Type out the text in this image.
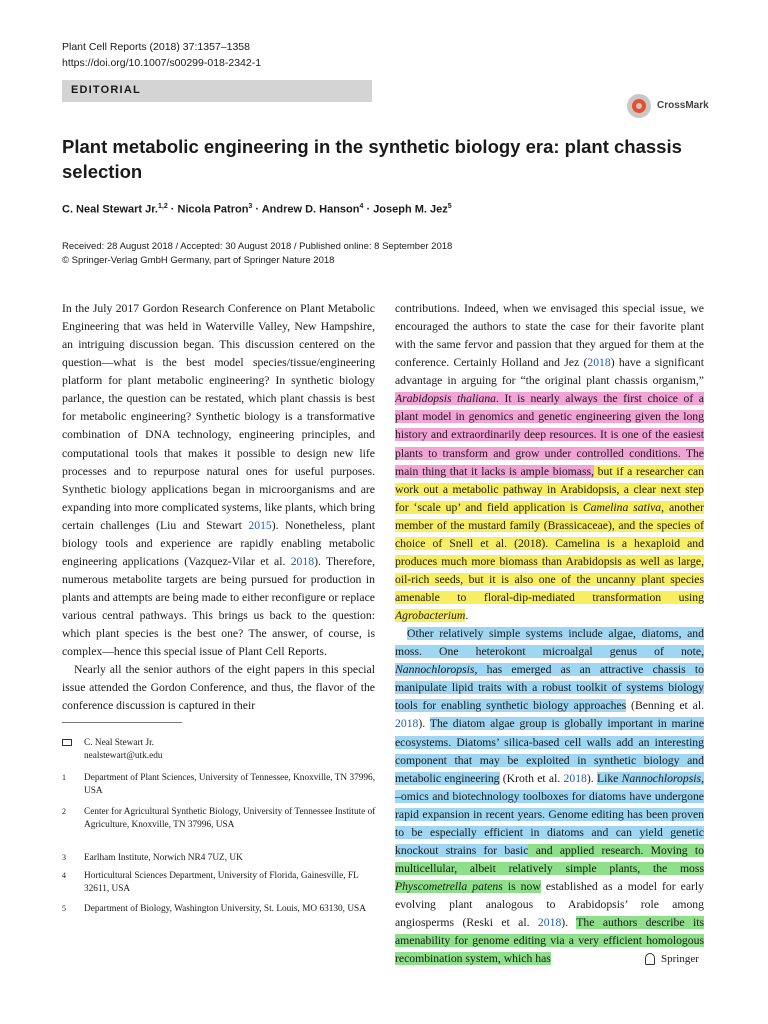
Plant Cell Reports (2018) 37:1357–1358
https://doi.org/10.1007/s00299-018-2342-1
EDITORIAL
CrossMark
Plant metabolic engineering in the synthetic biology era: plant chassis selection
C. Neal Stewart Jr.$^{1,2}$ · Nicola Patron$^3$ · Andrew D. Hanson$^4$ · Joseph M. Jez$^5$
Received: 28 August 2018 / Accepted: 30 August 2018 / Published online: 8 September 2018
© Springer-Verlag GmbH Germany, part of Springer Nature 2018

In the July 2017 Gordon Research Conference on Plant Metabolic Engineering that was held in Waterville Valley, New Hampshire, an intriguing discussion began. This discussion centered on the question—what is the best model species/tissue/engineering platform for plant metabolic engineering? In synthetic biology parlance, the question can be restated, which plant chassis is best for metabolic engineering? Synthetic biology is a transformative combination of DNA technology, engineering principles, and computational tools that makes it possible to design new life processes and to repurpose natural ones for useful purposes. Synthetic biology applications began in microorganisms and are expanding into more complicated systems, like plants, which bring certain challenges (Liu and Stewart 2015). Nonetheless, plant biology tools and experience are rapidly enabling metabolic engineering applications (Vazquez-Vilar et al. 2018). Therefore, numerous metabolite targets are being pursued for production in plants and attempts are being made to either reconfigure or replace various central pathways. This brings us back to the question: which plant species is the best one? The answer, of course, is complex—hence this special issue of Plant Cell Reports.

Nearly all the senior authors of the eight papers in this special issue attended the Gordon Conference, and thus, the flavor of the conference discussion is captured in their

contributions. Indeed, when we envisaged this special issue, we encouraged the authors to state the case for their favorite plant with the same fervor and passion that they argued for them at the conference. Certainly Holland and Jez (2018) have a significant advantage in arguing for “the original plant chassis organism,” Arabidopsis thaliana. It is nearly always the first choice of a plant model in genomics and genetic engineering given the long history and extraordinarily deep resources. It is one of the easiest plants to transform and grow under controlled conditions. The main thing that it lacks is ample biomass, but if a researcher can work out a metabolic pathway in Arabidopsis, a clear next step for ‘scale up’ and field application is Camelina sativa, another member of the mustard family (Brassicaceae), and the species of choice of Snell et al. (2018). Camelina is a hexaploid and produces much more biomass than Arabidopsis as well as large, oil-rich seeds, but it is also one of the uncanny plant species amenable to floral-dip-mediated transformation using Agrobacterium.

Other relatively simple systems include algae, diatoms, and moss. One heterokont microalgal genus of note, Nannochloropsis, has emerged as an attractive chassis to manipulate lipid traits with a robust toolkit of systems biology tools for enabling synthetic biology approaches (Benning et al. 2018). The diatom algae group is globally important in marine ecosystems. Diatoms’ silica-based cell walls add an interesting component that may be exploited in synthetic biology and metabolic engineering (Kroth et al. 2018). Like Nannochloropsis, –omics and biotechnology toolboxes for diatoms have undergone rapid expansion in recent years. Genome editing has been proven to be especially efficient in diatoms and can yield genetic knockout strains for basic and applied research. Moving to multicellular, albeit relatively simple plants, the moss Physcometrella patens is now established as a model for early evolving plant analogous to Arabidopsis’ role among angiosperms (Reski et al. 2018). The authors describe its amenability for genome editing via a very efficient homologous recombination system, which has

C. Neal Stewart Jr.
nealstewart@utk.edu
1 Department of Plant Sciences, University of Tennessee, Knoxville, TN 37996, USA
2 Center for Agricultural Synthetic Biology, University of Tennessee Institute of Agriculture, Knoxville, TN 37996, USA
3 Earlham Institute, Norwich NR4 7UZ, UK
4 Horticultural Sciences Department, University of Florida, Gainesville, FL 32611, USA
5 Department of Biology, Washington University, St. Louis, MO 63130, USA
Springer
